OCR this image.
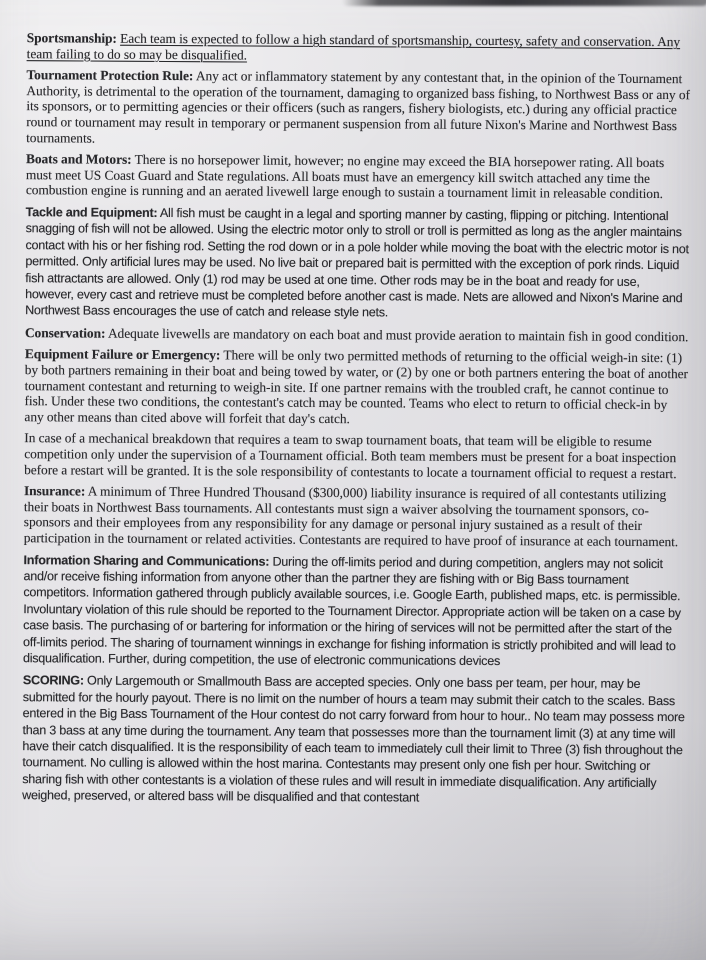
Sportsmanship: Each team is expected to follow a high standard of sportsmanship, courtesy, safety and conservation. Any team failing to do so may be disqualified.

Tournament Protection Rule: Any act or inflammatory statement by any contestant that, in the opinion of the Tournament Authority, is detrimental to the operation of the tournament, damaging to organized bass fishing, to Northwest Bass or any of its sponsors, or to permitting agencies or their officers (such as rangers, fishery biologists, etc.) during any official practice round or tournament may result in temporary or permanent suspension from all future Nixon's Marine and Northwest Bass tournaments.

Boats and Motors: There is no horsepower limit, however; no engine may exceed the BIA horsepower rating. All boats must meet US Coast Guard and State regulations. All boats must have an emergency kill switch attached any time the combustion engine is running and an aerated livewell large enough to sustain a tournament limit in releasable condition.

Tackle and Equipment: All fish must be caught in a legal and sporting manner by casting, flipping or pitching. Intentional snagging of fish will not be allowed. Using the electric motor only to stroll or troll is permitted as long as the angler maintains contact with his or her fishing rod. Setting the rod down or in a pole holder while moving the boat with the electric motor is not permitted. Only artificial lures may be used. No live bait or prepared bait is permitted with the exception of pork rinds. Liquid fish attractants are allowed. Only (1) rod may be used at one time. Other rods may be in the boat and ready for use, however, every cast and retrieve must be completed before another cast is made. Nets are allowed and Nixon's Marine and Northwest Bass encourages the use of catch and release style nets.

Conservation: Adequate livewells are mandatory on each boat and must provide aeration to maintain fish in good condition.

Equipment Failure or Emergency: There will be only two permitted methods of returning to the official weigh-in site: (1) by both partners remaining in their boat and being towed by water, or (2) by one or both partners entering the boat of another tournament contestant and returning to weigh-in site. If one partner remains with the troubled craft, he cannot continue to fish. Under these two conditions, the contestant's catch may be counted. Teams who elect to return to official check-in by any other means than cited above will forfeit that day's catch.

In case of a mechanical breakdown that requires a team to swap tournament boats, that team will be eligible to resume competition only under the supervision of a Tournament official. Both team members must be present for a boat inspection before a restart will be granted. It is the sole responsibility of contestants to locate a tournament official to request a restart.

Insurance: A minimum of Three Hundred Thousand ($300,000) liability insurance is required of all contestants utilizing their boats in Northwest Bass tournaments. All contestants must sign a waiver absolving the tournament sponsors, co-sponsors and their employees from any responsibility for any damage or personal injury sustained as a result of their participation in the tournament or related activities. Contestants are required to have proof of insurance at each tournament.

Information Sharing and Communications: During the off-limits period and during competition, anglers may not solicit and/or receive fishing information from anyone other than the partner they are fishing with or Big Bass tournament competitors. Information gathered through publicly available sources, i.e. Google Earth, published maps, etc. is permissible. Involuntary violation of this rule should be reported to the Tournament Director. Appropriate action will be taken on a case by case basis. The purchasing of or bartering for information or the hiring of services will not be permitted after the start of the off-limits period. The sharing of tournament winnings in exchange for fishing information is strictly prohibited and will lead to disqualification. Further, during competition, the use of electronic communications devices

SCORING: Only Largemouth or Smallmouth Bass are accepted species. Only one bass per team, per hour, may be submitted for the hourly payout. There is no limit on the number of hours a team may submit their catch to the scales. Bass entered in the Big Bass Tournament of the Hour contest do not carry forward from hour to hour.. No team may possess more than 3 bass at any time during the tournament. Any team that possesses more than the tournament limit (3) at any time will have their catch disqualified. It is the responsibility of each team to immediately cull their limit to Three (3) fish throughout the tournament. No culling is allowed within the host marina. Contestants may present only one fish per hour. Switching or sharing fish with other contestants is a violation of these rules and will result in immediate disqualification. Any artificially weighed, preserved, or altered bass will be disqualified and that contestant
